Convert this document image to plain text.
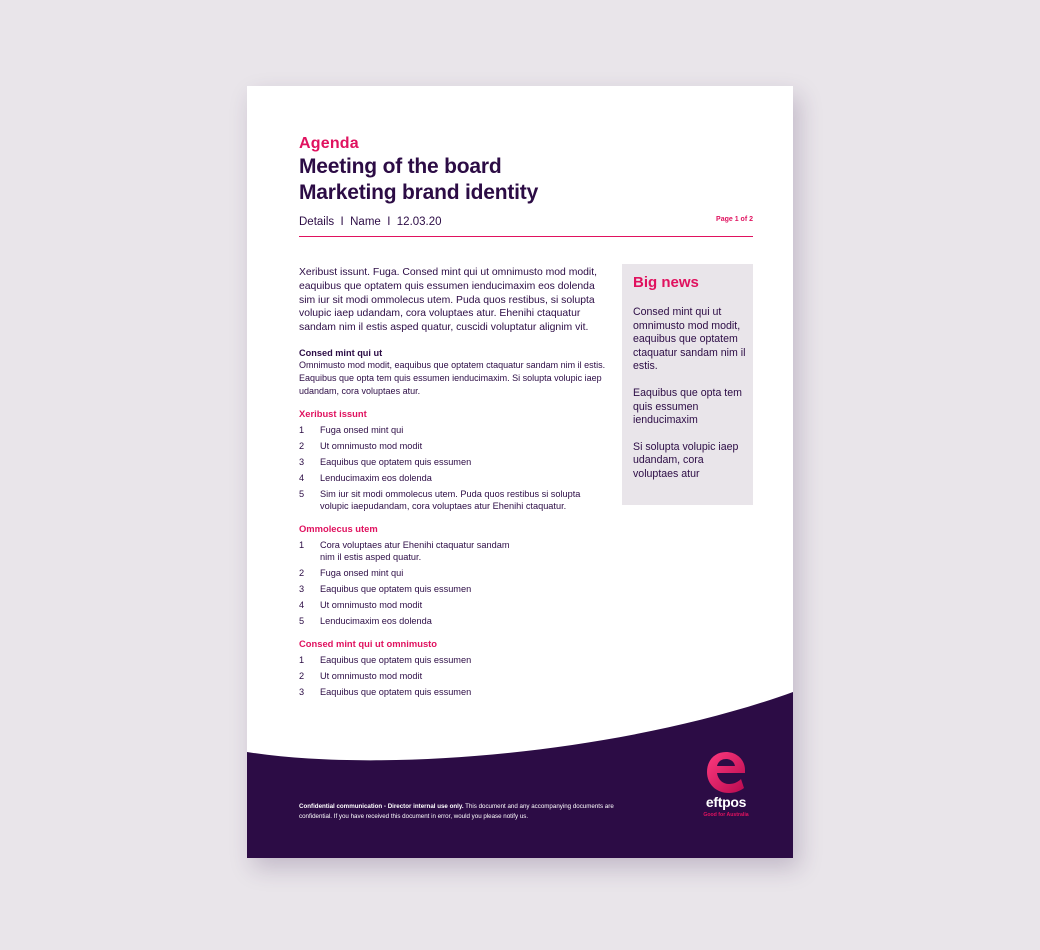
Agenda
Meeting of the board
Marketing brand identity
Details  I  Name  I  12.03.20	Page 1 of 2

Xeribust issunt. Fuga. Consed mint qui ut omnimusto mod modit, eaquibus que optatem quis essumen ienducimaxim eos dolenda sim iur sit modi ommolecus utem. Puda quos restibus, si solupta volupic iaep udandam, cora voluptaes atur. Ehenihi ctaquatur sandam nim il estis asped quatur, cuscidi voluptatur alignim vit.

Consed mint qui ut

Omnimusto mod modit, eaquibus que optatem ctaquatur sandam nim il estis. Eaquibus que opta tem quis essumen ienducimaxim. Si solupta volupic iaep udandam, cora voluptaes atur.

Xeribust issunt
1	Fuga onsed mint qui
2	Ut omnimusto mod modit
3	Eaquibus que optatem quis essumen
4	Lenducimaxim eos dolenda
5	Sim iur sit modi ommolecus utem. Puda quos restibus si solupta volupic iaepudandam, cora voluptaes atur Ehenihi ctaquatur.
Ommolecus utem
1	Cora voluptaes atur Ehenihi ctaquatur sandam nim il estis asped quatur.
2	Fuga onsed mint qui
3	Eaquibus que optatem quis essumen
4	Ut omnimusto mod modit
5	Lenducimaxim eos dolenda
Consed mint qui ut omnimusto
1	Eaquibus que optatem quis essumen
2	Ut omnimusto mod modit
3	Eaquibus que optatem quis essumen
Big news

Consed mint qui ut omnimusto mod modit, eaquibus que optatem ctaquatur sandam nim il estis.

Eaquibus que opta tem quis essumen ienducimaxim

Si solupta volupic iaep udandam, cora voluptaes atur

Confidential communication - Director internal use only. This document and any accompanying documents are confidential. If you have received this document in error, would you please notify us.
eftpos
Good for Australia
